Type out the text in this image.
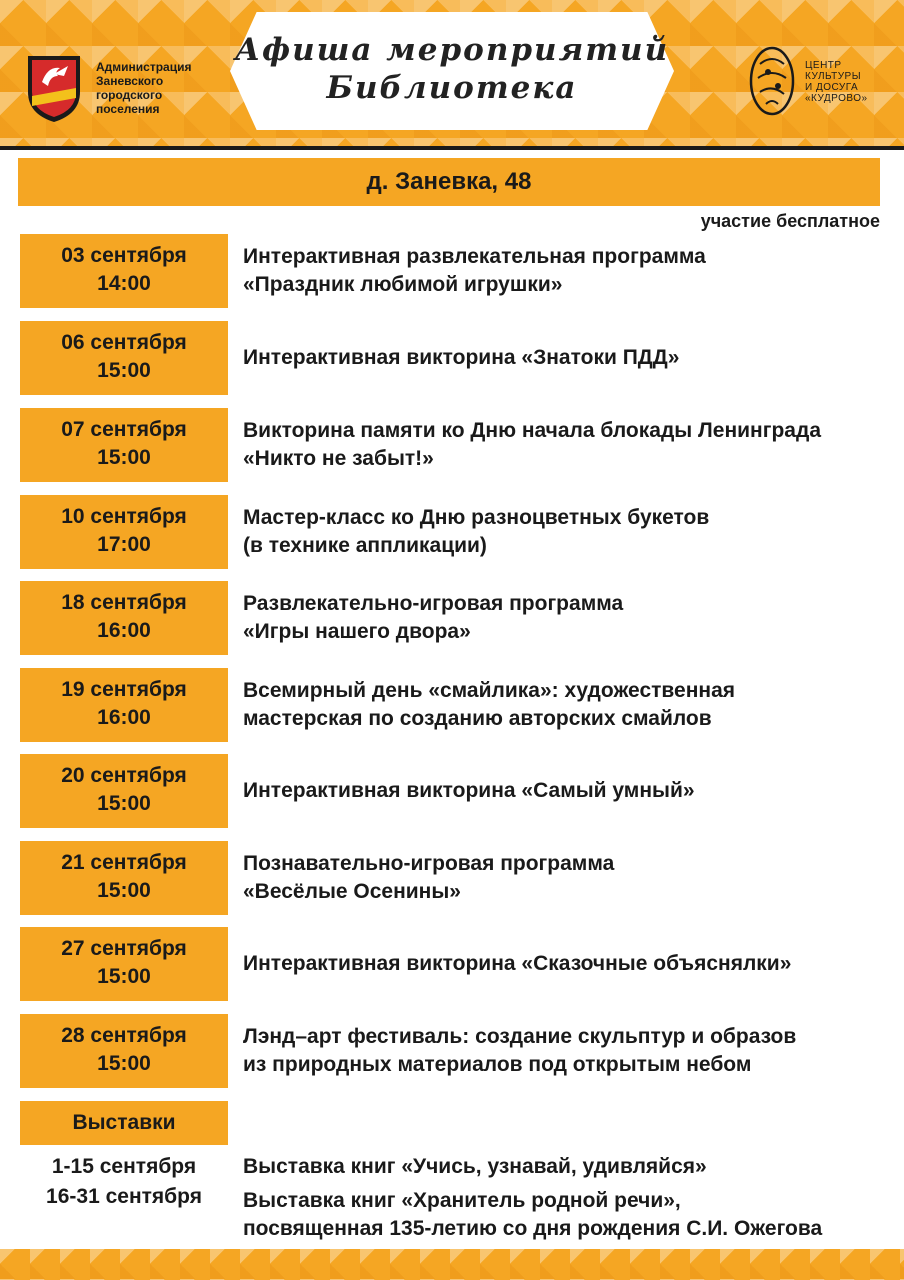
Афиша мероприятий
Библиотека
Администрация
Заневского
городского
поселения
ЦЕНТР
КУЛЬТУРЫ
И ДОСУГА
«КУДРОВО»
д. Заневка, 48
участие бесплатное
03 сентября
14:00
Интерактивная развлекательная программа
«Праздник любимой игрушки»
06 сентября
15:00
Интерактивная викторина «Знатоки ПДД»
07 сентября
15:00
Викторина памяти ко Дню начала блокады Ленинграда
«Никто не забыт!»
10 сентября
17:00
Мастер-класс ко Дню разноцветных букетов
(в технике аппликации)
18 сентября
16:00
Развлекательно-игровая программа
«Игры нашего двора»
19 сентября
16:00
Всемирный день «смайлика»: художественная
мастерская по созданию авторских смайлов
20 сентября
15:00
Интерактивная викторина «Самый умный»
21 сентября
15:00
Познавательно-игровая программа
«Весёлые Осенины»
27 сентября
15:00
Интерактивная викторина «Сказочные объяснялки»
28 сентября
15:00
Лэнд–арт фестиваль: создание скульптур и образов
из природных материалов под открытым небом
Выставки
1-15 сентября
16-31 сентября
Выставка книг «Учись, узнавай, удивляйся»
Выставка книг «Хранитель родной речи»,
посвященная 135-летию со дня рождения С.И. Ожегова
